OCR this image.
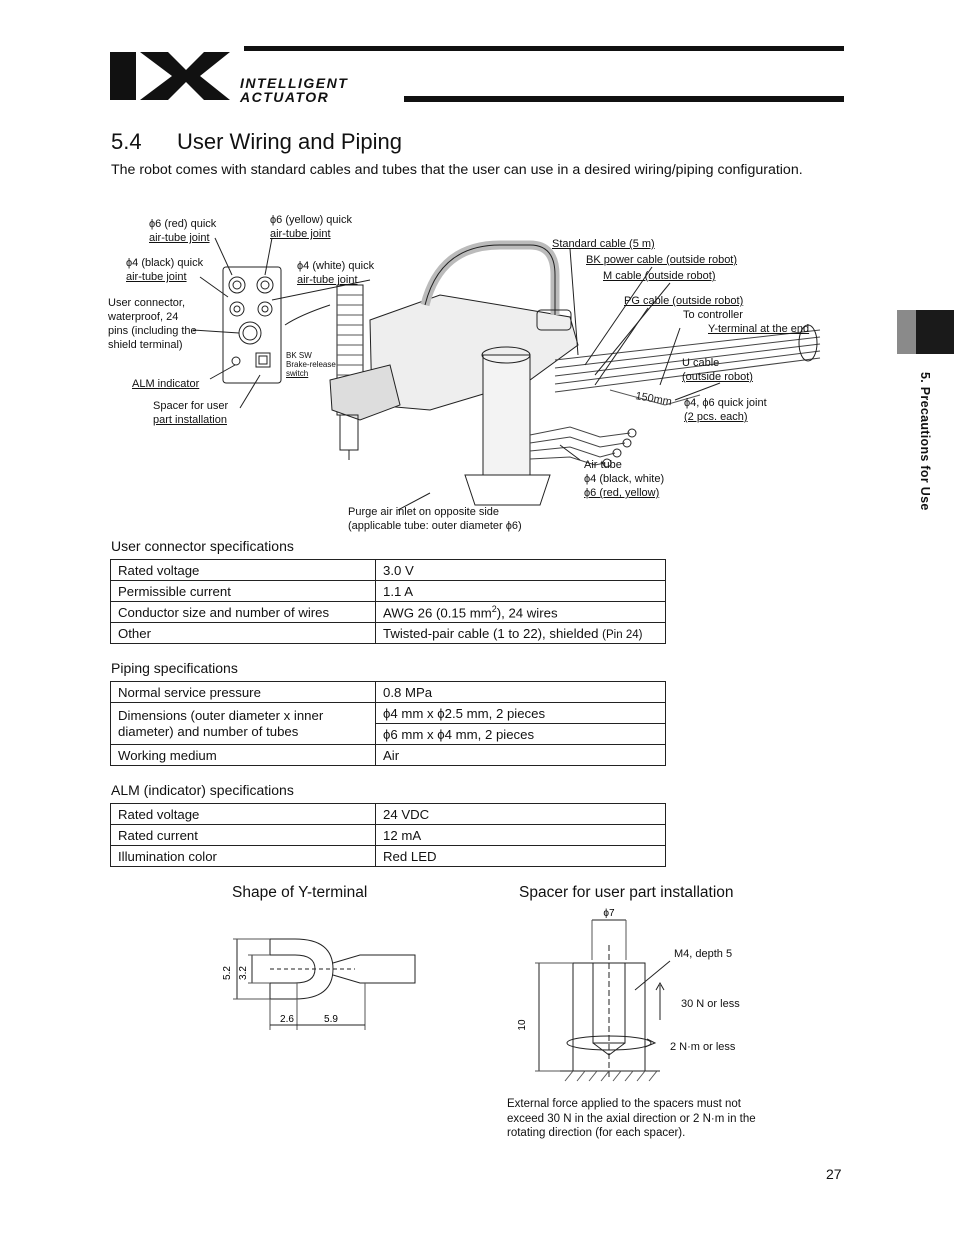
INTELLIGENT
ACTUATOR
5.4 User Wiring and Piping
The robot comes with standard cables and tubes that the user can use in a desired wiring/piping configuration.
5. Precautions for Use
150mm
ϕ6 (red) quick
air-tube joint
ϕ6 (yellow) quick
air-tube joint
ϕ4 (black) quick
air-tube joint
ϕ4 (white) quick
air-tube joint
User connector,
waterproof, 24
pins (including the
shield terminal)
ALM indicator
Spacer for user
part installation
BK SW
Brake-release
switch
Standard cable (5 m)
BK power cable (outside robot)
M cable (outside robot)
PG cable (outside robot)
To controller
Y-terminal at the end
U cable
(outside robot)
ϕ4, ϕ6 quick joint
(2 pcs. each)
Air tube
ϕ4 (black, white)
ϕ6 (red, yellow)
Purge air inlet on opposite side
(applicable tube: outer diameter ϕ6)
User connector specifications
Rated voltage	3.0 V
Permissible current	1.1 A
Conductor size and number of wires	AWG 26 (0.15 $mm^2$), 24 wires
Other	Twisted-pair cable (1 to 22), shielded (Pin 24)
Piping specifications
Normal service pressure	0.8 MPa
Dimensions (outer diameter x inner diameter) and number of tubes	ϕ4 mm x ϕ2.5 mm, 2 pieces
	ϕ6 mm x ϕ4 mm, 2 pieces
Working medium	Air
ALM (indicator) specifications
Rated voltage	24 VDC
Rated current	12 mA
Illumination color	Red LED
Shape of Y-terminal
5.2 3.2
2.6	5.9
Spacer for user part installation
ϕ7
10
M4, depth 5
30 N or less
2 N·m or less
External force applied to the spacers must not exceed 30 N in the axial direction or 2 N·m in the rotating direction (for each spacer).
27
